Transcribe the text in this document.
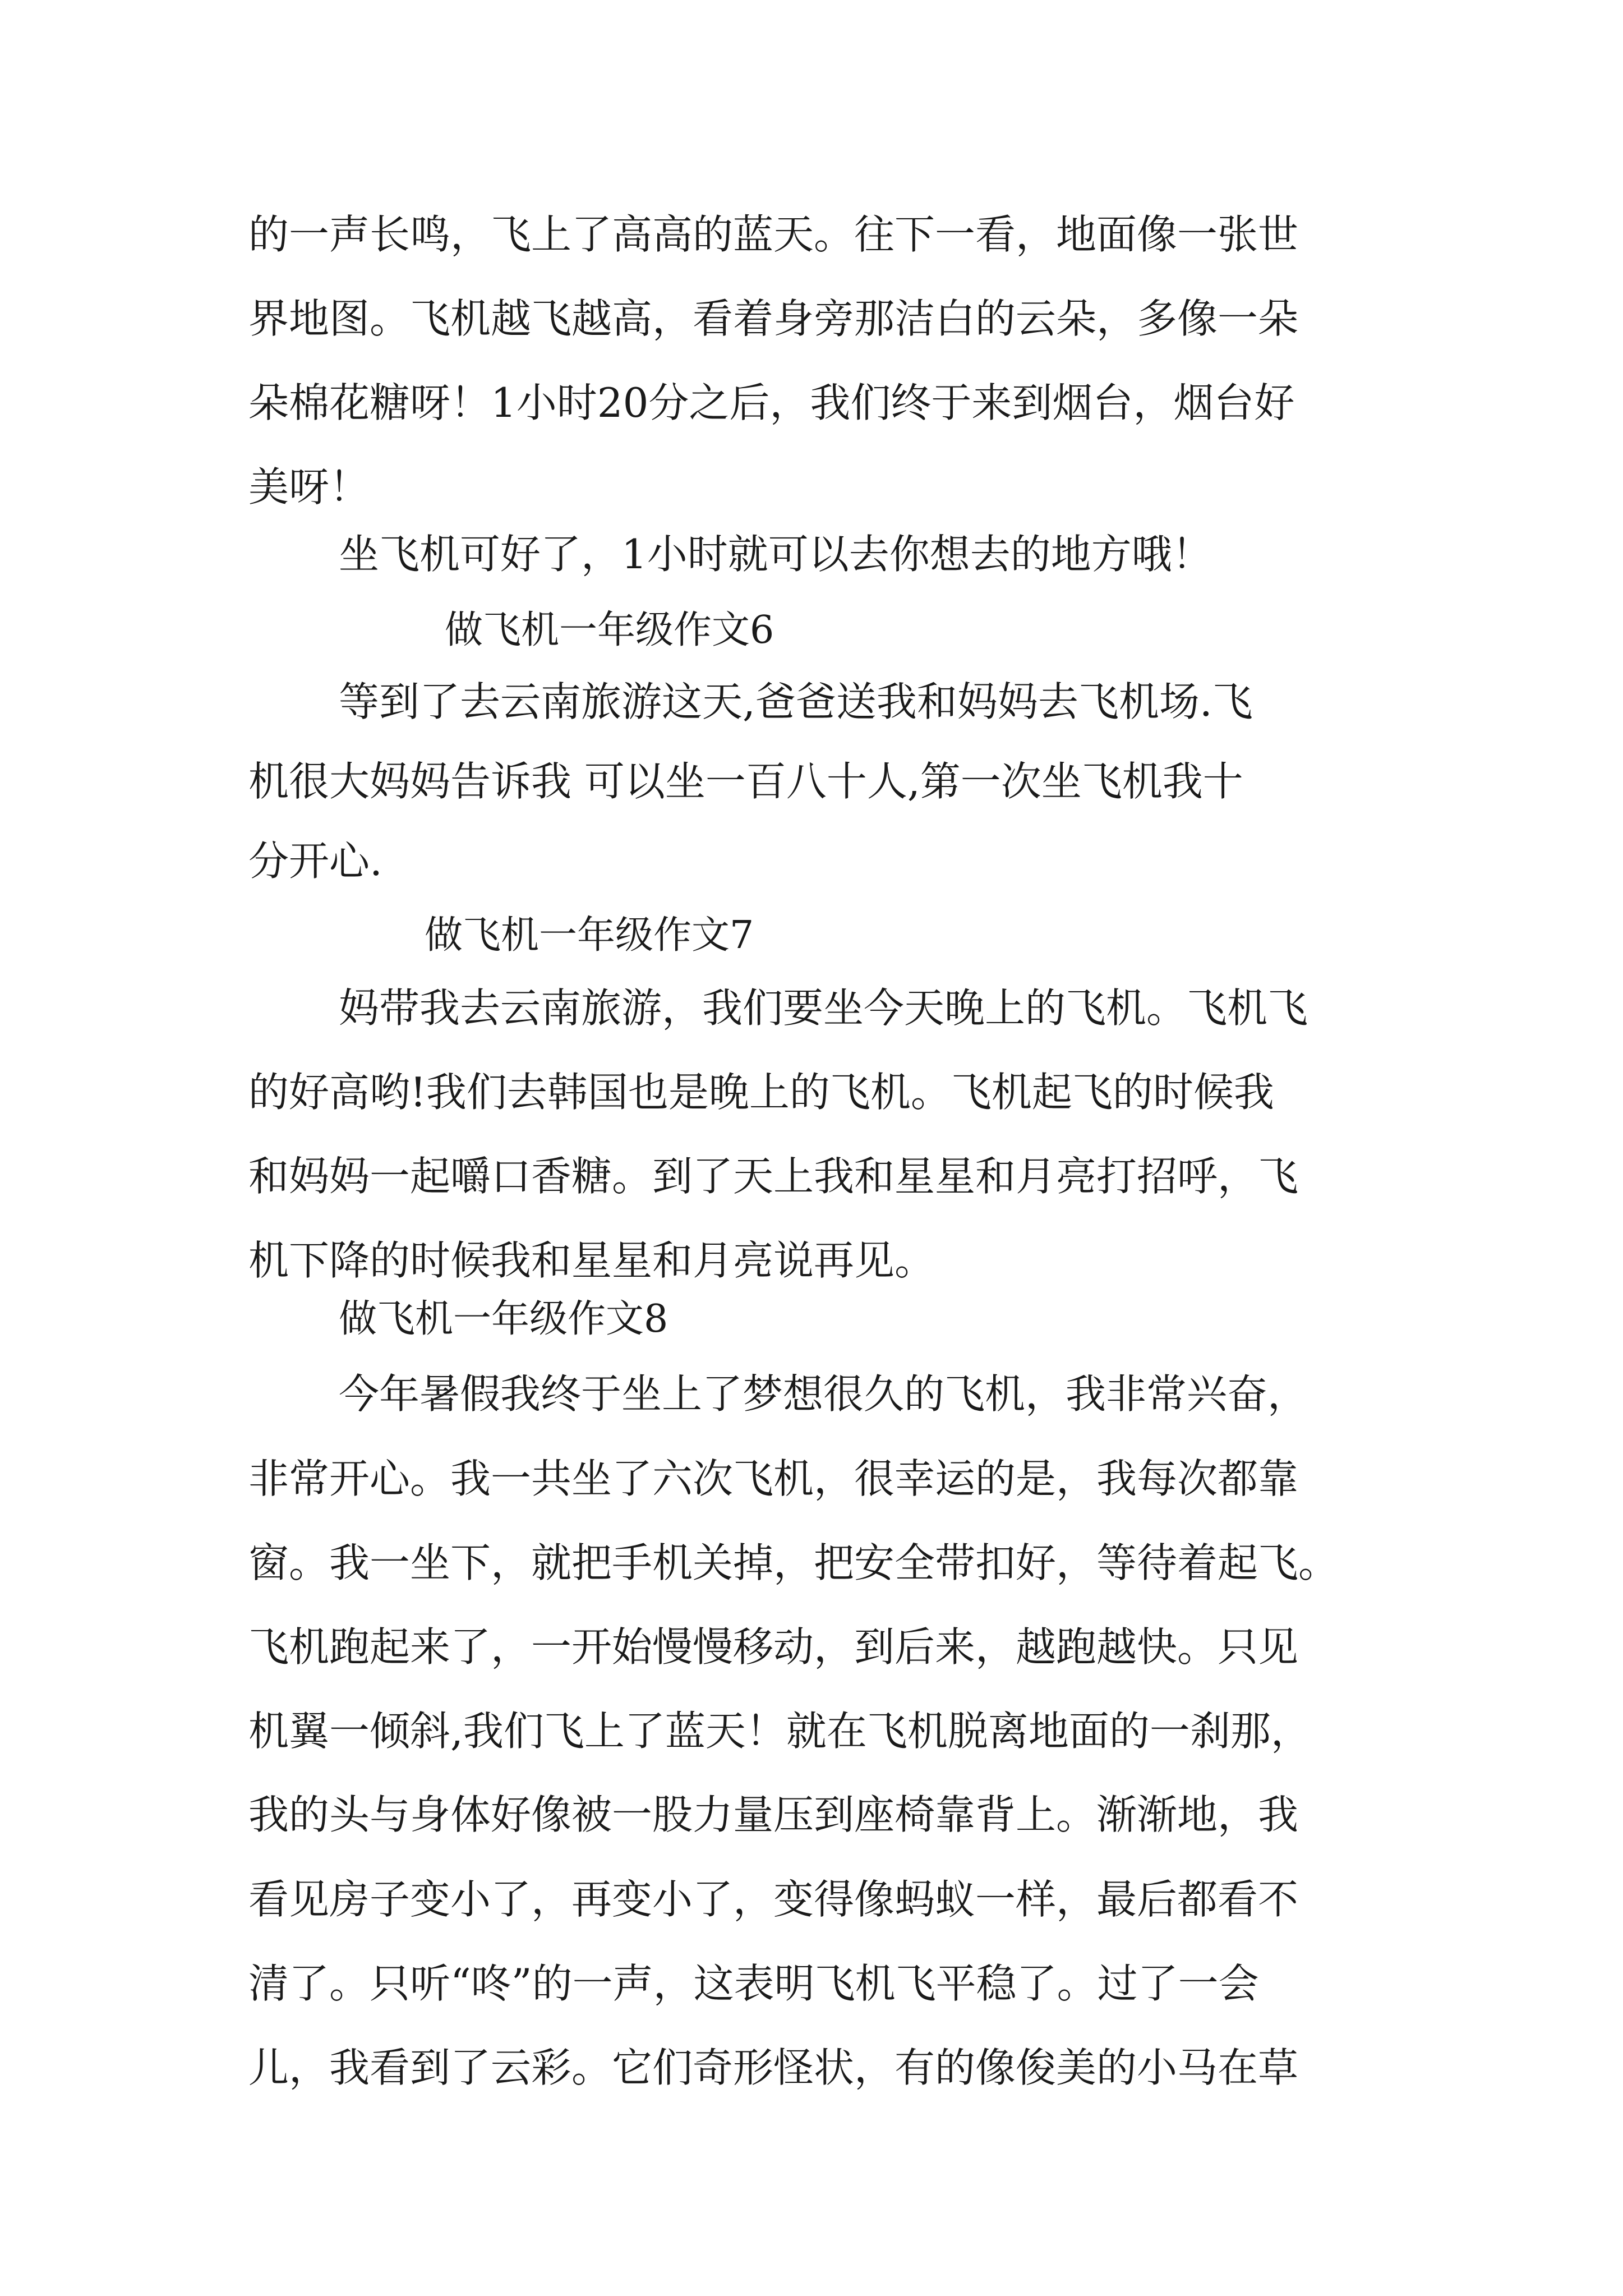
的一声长鸣，飞上了高高的蓝天。往下一看，地面像一张世

界地图。飞机越飞越高，看着身旁那洁白的云朵，多像一朵

朵棉花糖呀！1小时20分之后，我们终于来到烟台，烟台好

美呀！

坐飞机可好了，1小时就可以去你想去的地方哦！

做飞机一年级作文6

等到了去云南旅游这天,爸爸送我和妈妈去飞机场.飞

机很大妈妈告诉我 可以坐一百八十人,第一次坐飞机我十

分开心.

做飞机一年级作文7

妈带我去云南旅游，我们要坐今天晚上的飞机。飞机飞

的好高哟!我们去韩国也是晚上的飞机。飞机起飞的时候我

和妈妈一起嚼口香糖。到了天上我和星星和月亮打招呼，飞

机下降的时候我和星星和月亮说再见。

做飞机一年级作文8

今年暑假我终于坐上了梦想很久的飞机，我非常兴奋，

非常开心。我一共坐了六次飞机，很幸运的是，我每次都靠

窗。我一坐下，就把手机关掉，把安全带扣好，等待着起飞。

飞机跑起来了，一开始慢慢移动，到后来，越跑越快。只见

机翼一倾斜,我们飞上了蓝天！就在飞机脱离地面的一刹那，

我的头与身体好像被一股力量压到座椅靠背上。渐渐地，我

看见房子变小了，再变小了，变得像蚂蚁一样，最后都看不

清了。只听“咚”的一声，这表明飞机飞平稳了。过了一会

儿，我看到了云彩。它们奇形怪状，有的像俊美的小马在草
